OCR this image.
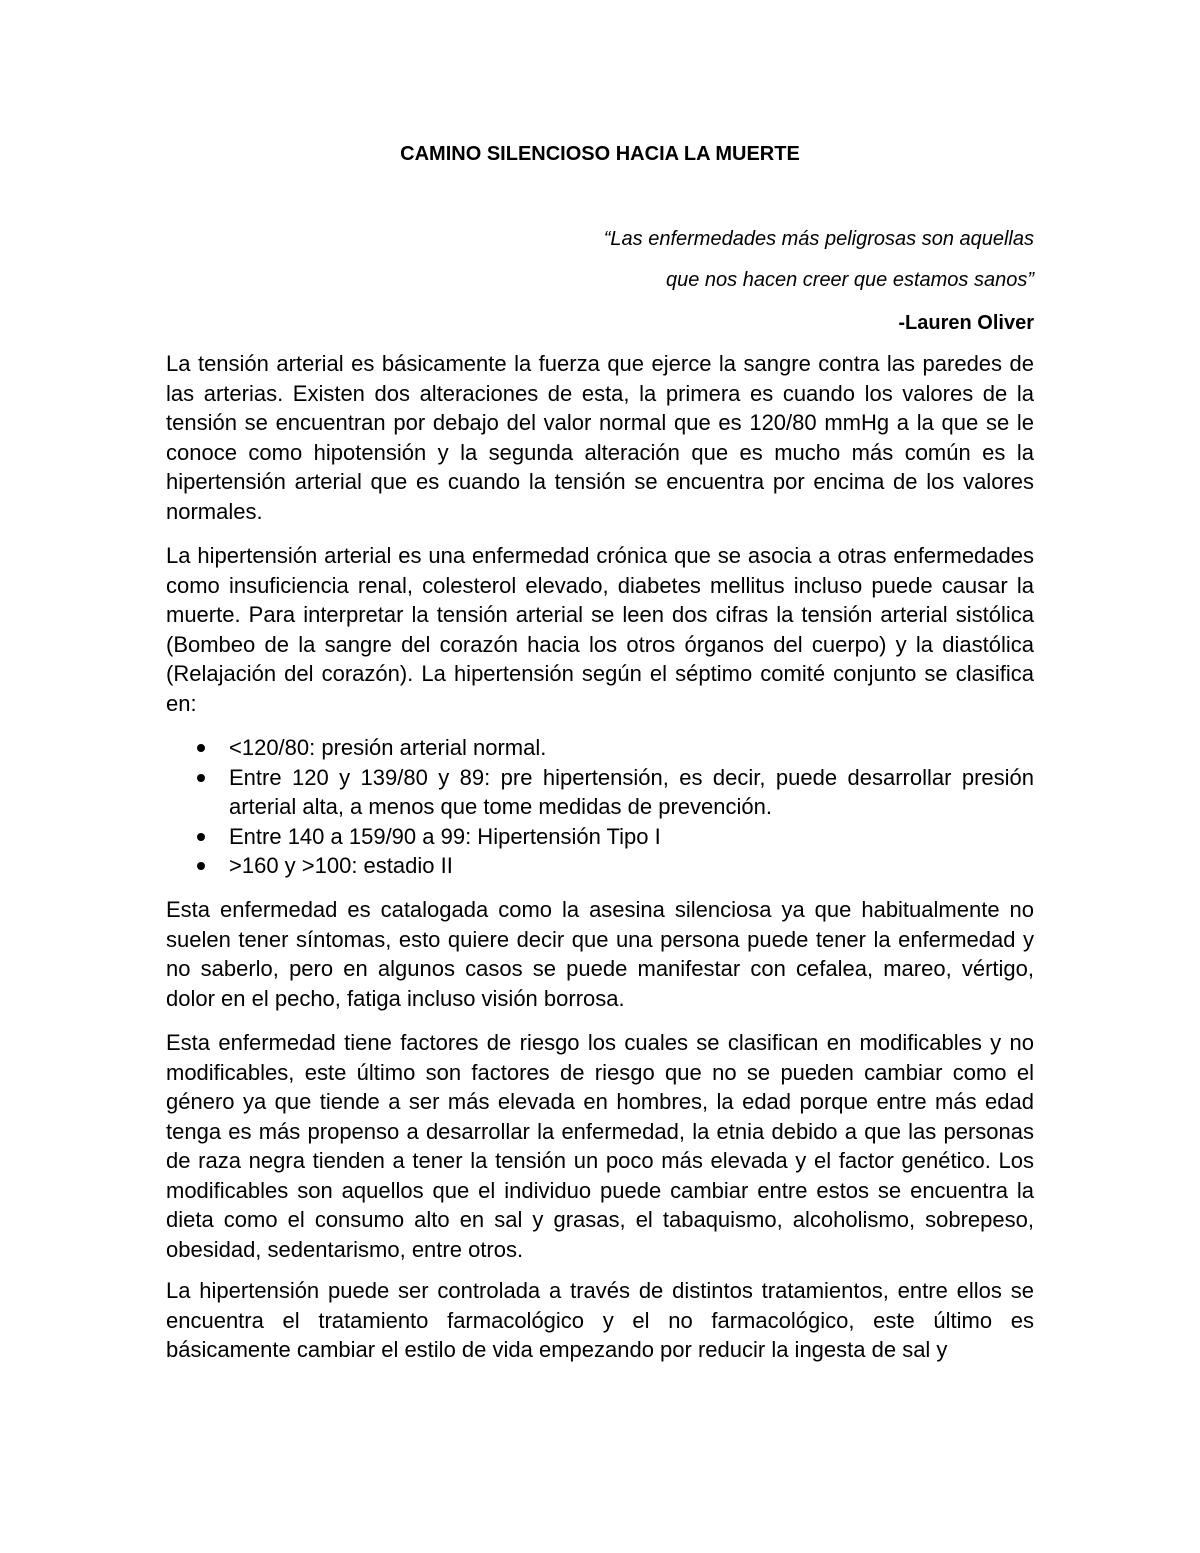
CAMINO SILENCIOSO HACIA LA MUERTE
“Las enfermedades más peligrosas son aquellas
que nos hacen creer que estamos sanos”
-Lauren Oliver

La tensión arterial es básicamente la fuerza que ejerce la sangre contra las paredes de las arterias. Existen dos alteraciones de esta, la primera es cuando los valores de la tensión se encuentran por debajo del valor normal que es 120/80 mmHg a la que se le conoce como hipotensión y la segunda alteración que es mucho más común es la hipertensión arterial que es cuando la tensión se encuentra por encima de los valores normales.

La hipertensión arterial es una enfermedad crónica que se asocia a otras enfermedades como insuficiencia renal, colesterol elevado, diabetes mellitus incluso puede causar la muerte. Para interpretar la tensión arterial se leen dos cifras la tensión arterial sistólica (Bombeo de la sangre del corazón hacia los otros órganos del cuerpo) y la diastólica (Relajación del corazón). La hipertensión según el séptimo comité conjunto se clasifica en:

<120/80: presión arterial normal.
Entre 120 y 139/80 y 89: pre hipertensión, es decir, puede desarrollar presión arterial alta, a menos que tome medidas de prevención.
Entre 140 a 159/90 a 99: Hipertensión Tipo I
>160 y >100: estadio II

Esta enfermedad es catalogada como la asesina silenciosa ya que habitualmente no suelen tener síntomas, esto quiere decir que una persona puede tener la enfermedad y no saberlo, pero en algunos casos se puede manifestar con cefalea, mareo, vértigo, dolor en el pecho, fatiga incluso visión borrosa.

Esta enfermedad tiene factores de riesgo los cuales se clasifican en modificables y no modificables, este último son factores de riesgo que no se pueden cambiar como el género ya que tiende a ser más elevada en hombres, la edad porque entre más edad tenga es más propenso a desarrollar la enfermedad, la etnia debido a que las personas de raza negra tienden a tener la tensión un poco más elevada y el factor genético. Los modificables son aquellos que el individuo puede cambiar entre estos se encuentra la dieta como el consumo alto en sal y grasas, el tabaquismo, alcoholismo, sobrepeso, obesidad, sedentarismo, entre otros.

La hipertensión puede ser controlada a través de distintos tratamientos, entre ellos se encuentra el tratamiento farmacológico y el no farmacológico, este último es básicamente cambiar el estilo de vida empezando por reducir la ingesta de sal y
